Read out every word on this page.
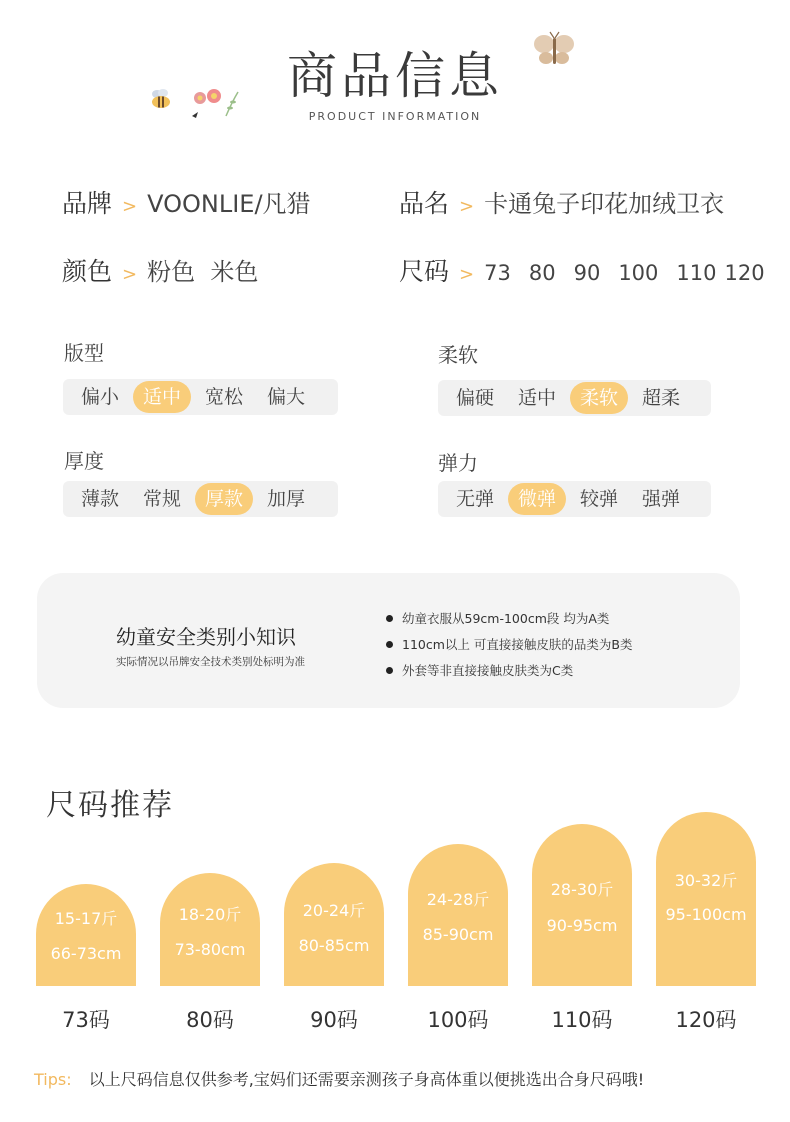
商品信息
PRODUCT INFORMATION
品牌 > VOONLIE/凡猎	品名 > 卡通兔子印花加绒卫衣
颜色 > 粉色  米色	尺码 > 73 80 90 100 110 120
版型
偏小	适中	宽松	偏大
柔软
偏硬	适中	柔软	超柔
厚度
薄款	常规	厚款	加厚
弹力
无弹	微弹	较弹	强弹
幼童安全类别小知识
实际情况以吊牌安全技术类别处标明为准
幼童衣服从59cm-100cm段 均为A类
110cm以上 可直接接触皮肤的品类为B类
外套等非直接接触皮肤类为C类
尺码推荐
15-17斤
66-73cm
73码
18-20斤
73-80cm
80码
20-24斤
80-85cm
90码
24-28斤
85-90cm
100码
28-30斤
90-95cm
110码
30-32斤
95-100cm
120码
Tips: 以上尺码信息仅供参考,宝妈们还需要亲测孩子身高体重以便挑选出合身尺码哦!
